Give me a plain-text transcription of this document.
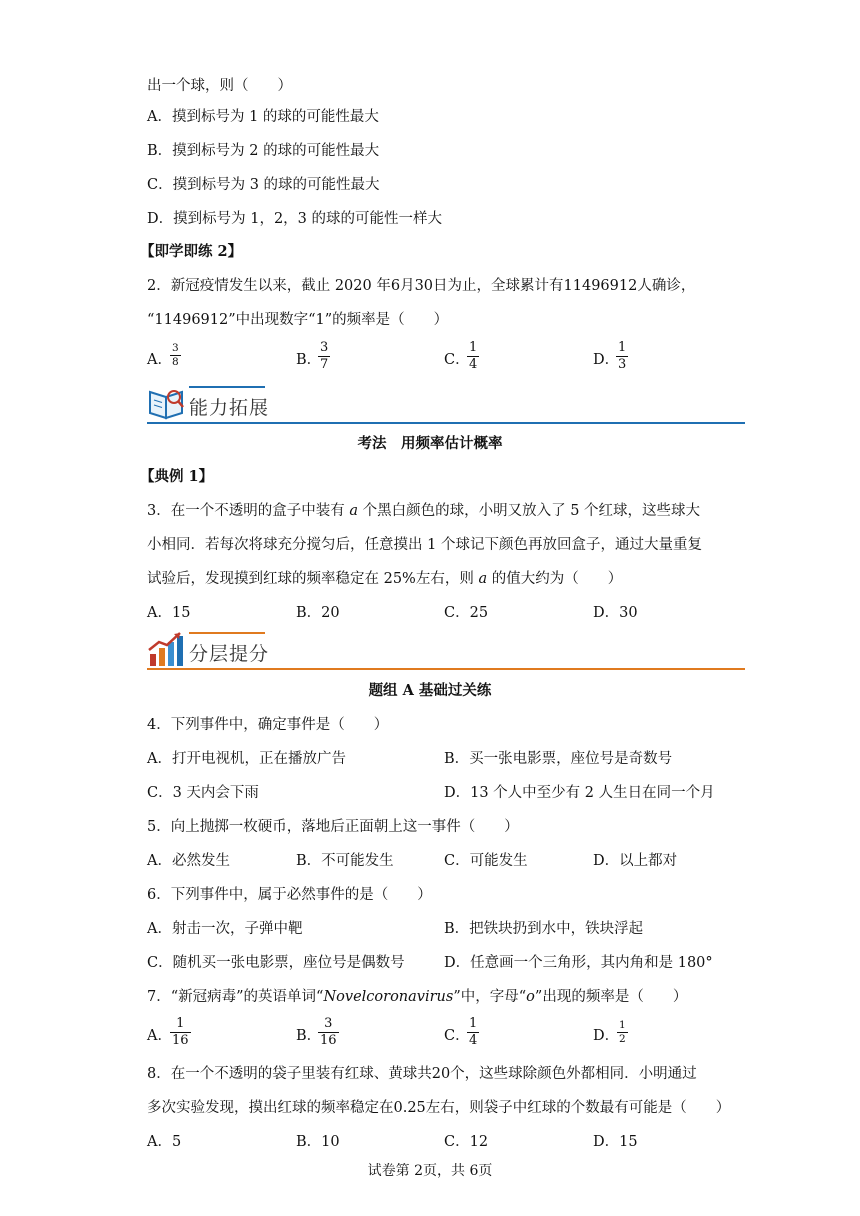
出一个球，则（　　）
A．摸到标号为 1 的球的可能性最大
B．摸到标号为 2 的球的可能性最大
C．摸到标号为 3 的球的可能性最大
D．摸到标号为 1，2，3 的球的可能性一样大
【即学即练 2】
2．新冠疫情发生以来，截止 2020 年6月30日为止，全球累计有11496912人确诊，
“11496912”中出现数字“1”的频率是（　　）
A．
$\frac{3}{8}$	B．
$\frac{3}{7}$	C．
$\frac{1}{4}$	D．
$\frac{1}{3}$
能力拓展
考法　用频率估计概率
【典例 1】
3．在一个不透明的盒子中装有 a 个黑白颜色的球，小明又放入了 5 个红球，这些球大
小相同．若每次将球充分搅匀后，任意摸出 1 个球记下颜色再放回盒子，通过大量重复
试验后，发现摸到红球的频率稳定在 25%左右，则 a 的值大约为（　　）
A．15	B．20	C．25	D．30
分层提分
题组 A 基础过关练
4．下列事件中，确定事件是（　　）
A．打开电视机，正在播放广告	B．买一张电影票，座位号是奇数号
C．3 天内会下雨	D．13 个人中至少有 2 人生日在同一个月
5．向上抛掷一枚硬币，落地后正面朝上这一事件（　　）
A．必然发生	B．不可能发生	C．可能发生	D．以上都对
6．下列事件中，属于必然事件的是（　　）
A．射击一次，子弹中靶	B．把铁块扔到水中，铁块浮起
C．随机买一张电影票，座位号是偶数号	D．任意画一个三角形，其内角和是 180°
7．“新冠病毒”的英语单词“Novelcoronavirus”中，字母“o”出现的频率是（　　）
A．
$\frac{1}{16}$	B．
$\frac{3}{16}$	C．
$\frac{1}{4}$	D．
$\frac{1}{2}$
8．在一个不透明的袋子里装有红球、黄球共20个，这些球除颜色外都相同．小明通过
多次实验发现，摸出红球的频率稳定在0.25左右，则袋子中红球的个数最有可能是（　　）
A．5	B．10	C．12	D．15
试卷第 2页，共 6页
